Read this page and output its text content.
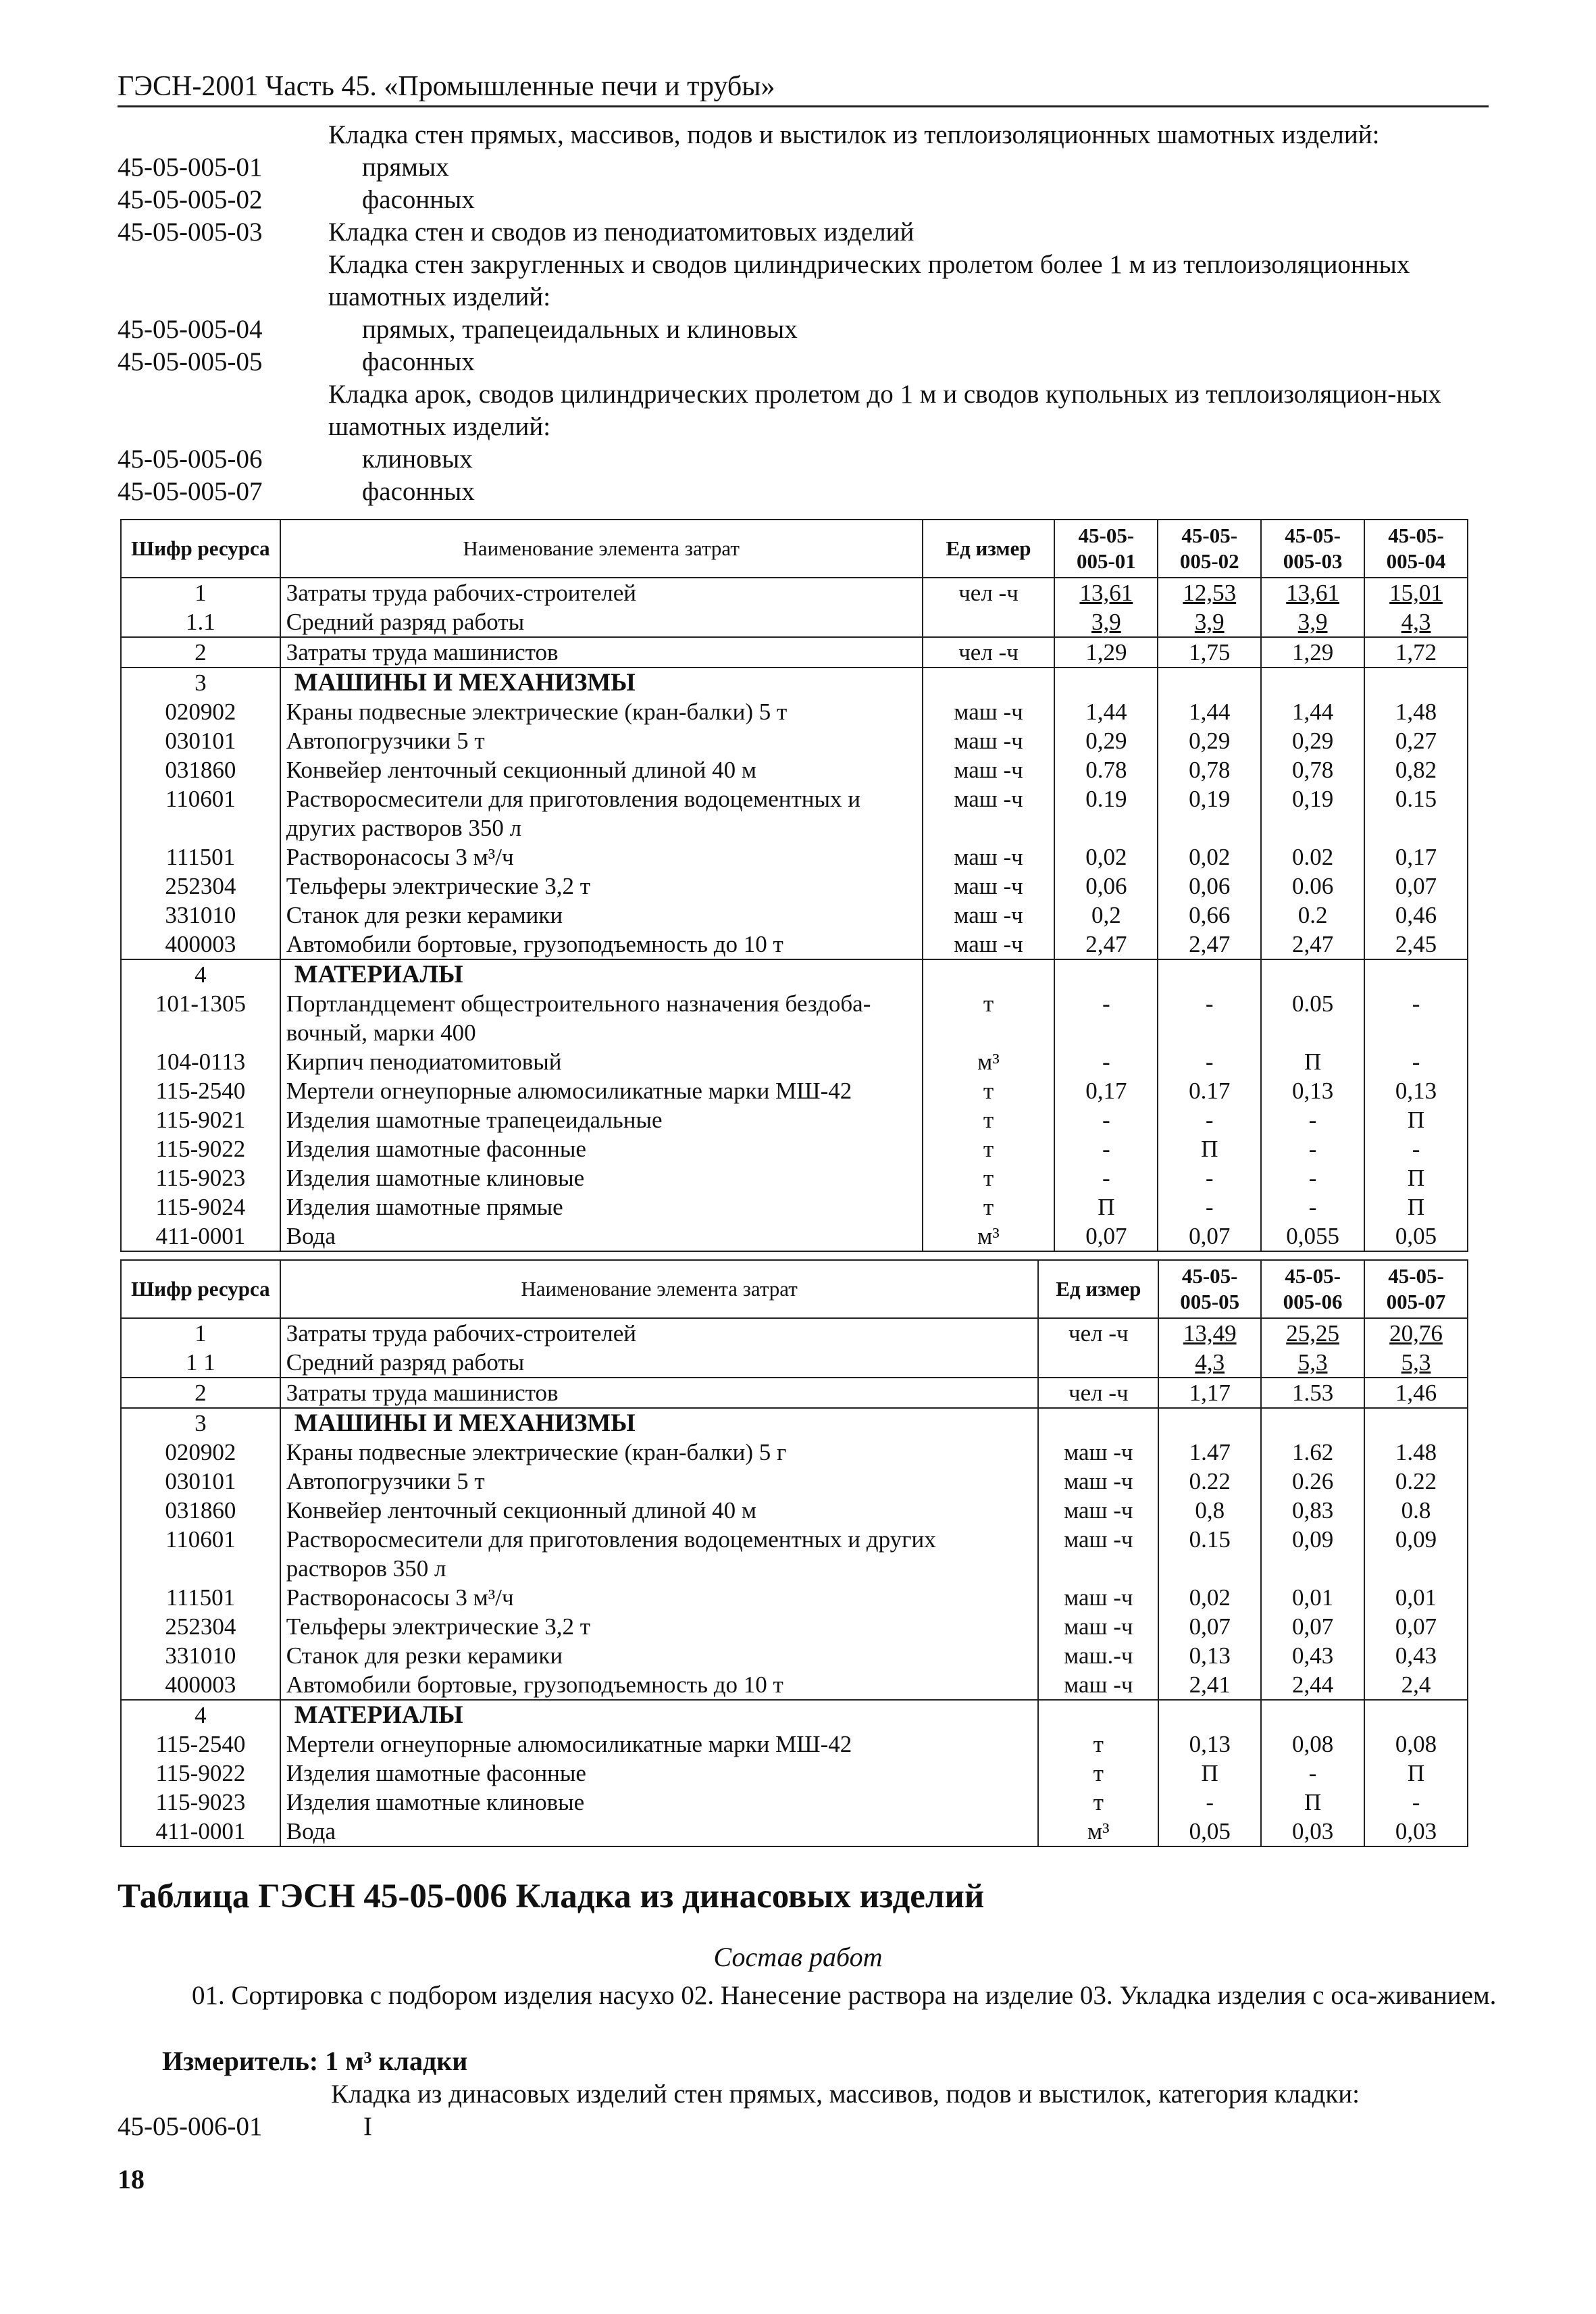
ГЭСН-2001 Часть 45. «Промышленные печи и трубы»
Кладка стен прямых, массивов, подов и выстилок из теплоизоляционных шамотных изделий:
45-05-005-01	прямых
45-05-005-02	фасонных
45-05-005-03	Кладка стен и сводов из пенодиатомитовых изделий
Кладка стен закругленных и сводов цилиндрических пролетом более 1 м из теплоизоляционных шамотных изделий:
45-05-005-04	прямых, трапецеидальных и клиновых
45-05-005-05	фасонных
Кладка арок, сводов цилиндрических пролетом до 1 м и сводов купольных из теплоизоляцион-ных шамотных изделий:
45-05-005-06	клиновых
45-05-005-07	фасонных
Шифр ресурса	Наименование элемента затрат	Ед измер	45-05-005-01	45-05-005-02	45-05-005-03	45-05-005-04
1	Затраты труда рабочих-строителей	чел -ч	13,61	12,53	13,61	15,01
1.1	Средний разряд работы		3,9	3,9	3,9	4,3
2	Затраты труда машинистов	чел -ч	1,29	1,75	1,29	1,72
3	МАШИНЫ И МЕХАНИЗМЫ					
020902	Краны подвесные электрические (кран-балки) 5 т	маш -ч	1,44	1,44	1,44	1,48
030101	Автопогрузчики 5 т	маш -ч	0,29	0,29	0,29	0,27
031860	Конвейер ленточный секционный длиной 40 м	маш -ч	0.78	0,78	0,78	0,82
110601	Растворосмесители для приготовления водоцементных и других растворов 350 л	маш -ч	0.19	0,19	0,19	0.15
111501	Растворонасосы 3 м³/ч	маш -ч	0,02	0,02	0.02	0,17
252304	Тельферы электрические 3,2 т	маш -ч	0,06	0,06	0.06	0,07
331010	Станок для резки керамики	маш -ч	0,2	0,66	0.2	0,46
400003	Автомобили бортовые, грузоподъемность до 10 т	маш -ч	2,47	2,47	2,47	2,45
4	МАТЕРИАЛЫ					
101-1305	Портландцемент общестроительного назначения бездоба-вочный, марки 400	т	-	-	0.05	-
104-0113	Кирпич пенодиатомитовый	м³	-	-	П	-
115-2540	Мертели огнеупорные алюмосиликатные марки МШ-42	т	0,17	0.17	0,13	0,13
115-9021	Изделия шамотные трапецеидальные	т	-	-	-	П
115-9022	Изделия шамотные фасонные	т	-	П	-	-
115-9023	Изделия шамотные клиновые	т	-	-	-	П
115-9024	Изделия шамотные прямые	т	П	-	-	П
411-0001	Вода	м³	0,07	0,07	0,055	0,05
Шифр ресурса	Наименование элемента затрат	Ед измер	45-05-005-05	45-05-005-06	45-05-005-07
1	Затраты труда рабочих-строителей	чел -ч	13,49	25,25	20,76
1 1	Средний разряд работы		4,3	5,3	5,3
2	Затраты труда машинистов	чел -ч	1,17	1.53	1,46
3	МАШИНЫ И МЕХАНИЗМЫ				
020902	Краны подвесные электрические (кран-балки) 5 г	маш -ч	1.47	1.62	1.48
030101	Автопогрузчики 5 т	маш -ч	0.22	0.26	0.22
031860	Конвейер ленточный секционный длиной 40 м	маш -ч	0,8	0,83	0.8
110601	Растворосмесители для приготовления водоцементных и других растворов 350 л	маш -ч	0.15	0,09	0,09
111501	Растворонасосы 3 м³/ч	маш -ч	0,02	0,01	0,01
252304	Тельферы электрические 3,2 т	маш -ч	0,07	0,07	0,07
331010	Станок для резки керамики	маш.-ч	0,13	0,43	0,43
400003	Автомобили бортовые, грузоподъемность до 10 т	маш -ч	2,41	2,44	2,4
4	МАТЕРИАЛЫ				
115-2540	Мертели огнеупорные алюмосиликатные марки МШ-42	т	0,13	0,08	0,08
115-9022	Изделия шамотные фасонные	т	П	-	П
115-9023	Изделия шамотные клиновые	т	-	П	-
411-0001	Вода	м³	0,05	0,03	0,03
Таблица ГЭСН 45-05-006 Кладка из динасовых изделий
Состав работ
01. Сортировка с подбором изделия насухо 02. Нанесение раствора на изделие 03. Укладка изделия с оса-живанием.
Измеритель: 1 м³ кладки
Кладка из динасовых изделий стен прямых, массивов, подов и выстилок, категория кладки:
45-05-006-01	I
18
